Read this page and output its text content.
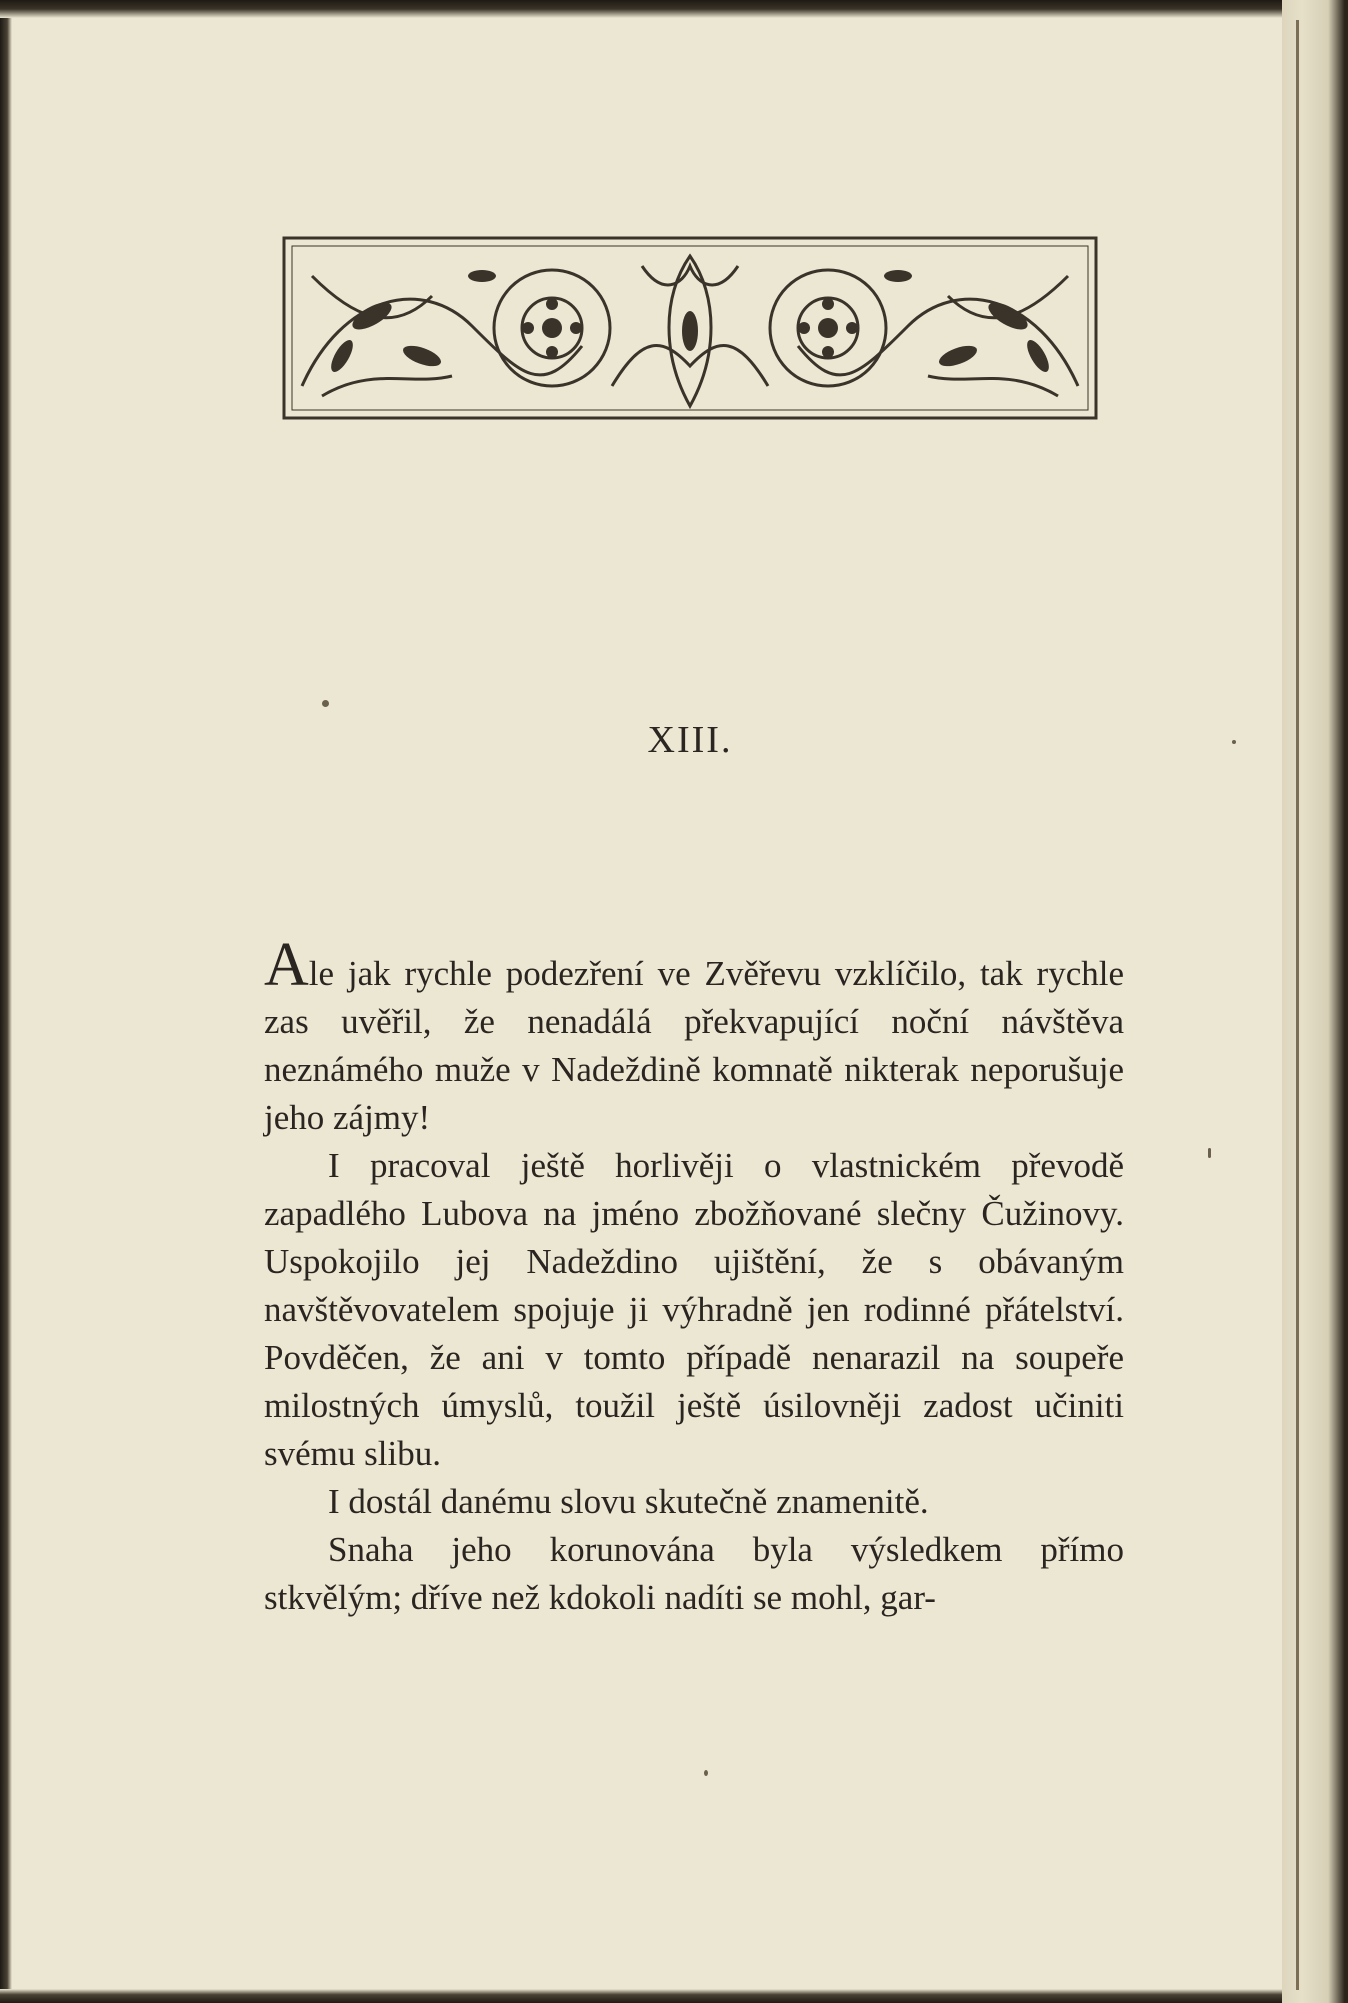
XIII.

Ale jak rychle podezření ve Zvěřevu vzklíčilo, tak rychle zas uvěřil, že nenadálá překvapující noční návštěva neznámého muže v Nadeždině komnatě nikterak neporušuje jeho zájmy!

I pracoval ještě horlivěji o vlastnickém převodě zapadlého Lubova na jméno zbožňované slečny Čužinovy. Uspokojilo jej Nadeždino ujištění, že s obávaným navštěvovatelem spojuje ji výhradně jen rodinné přátelství. Povděčen, že ani v tomto případě nenarazil na soupeře milostných úmyslů, toužil ještě úsilovněji zadost učiniti svému slibu.

I dostál danému slovu skutečně znamenitě.

Snaha jeho korunována byla výsledkem přímo stkvělým; dříve než kdokoli nadíti se mohl, gar-
